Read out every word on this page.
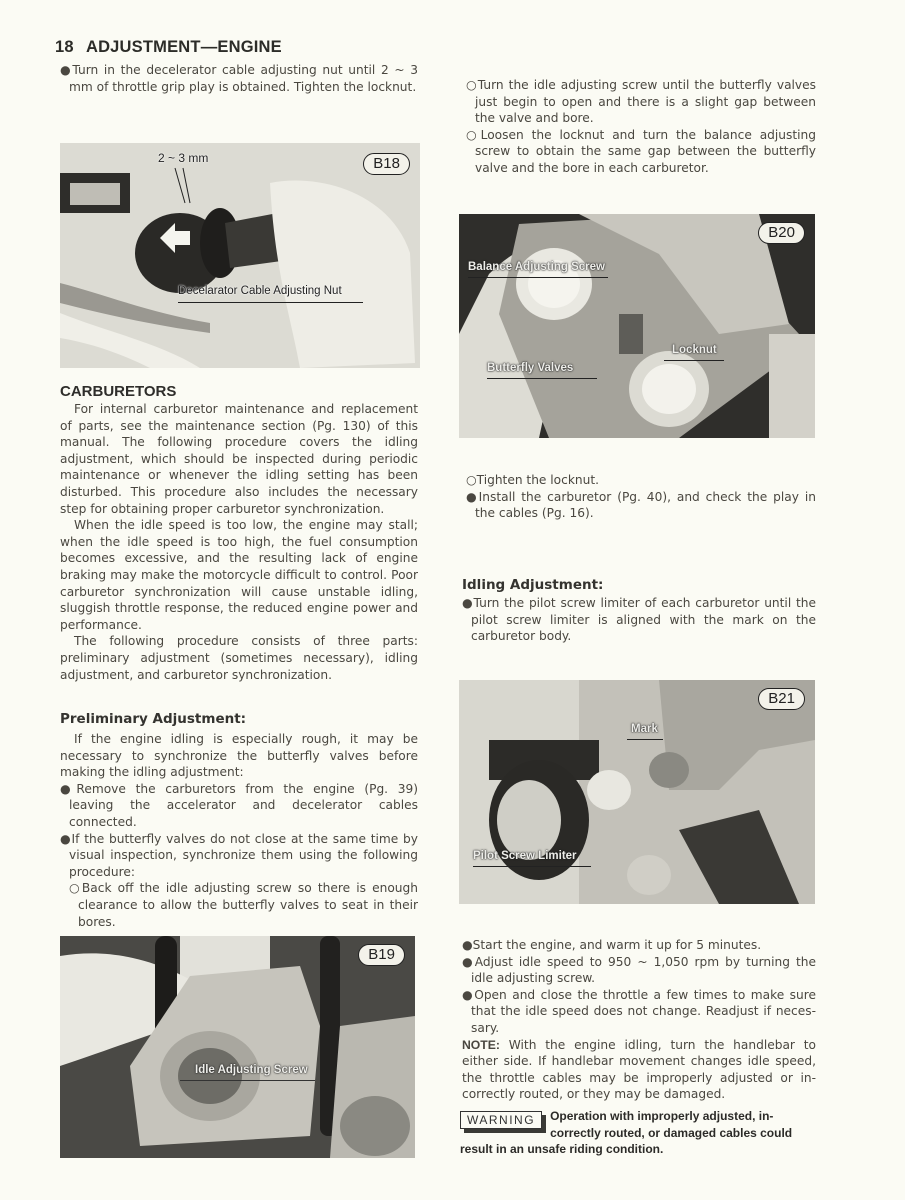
18 ADJUSTMENT—ENGINE

●Turn in the decelerator cable adjusting nut until 2 ~ 3 mm of throttle grip play is obtained. Tighten the locknut.

2 ~ 3 mm	B18
Decelarator Cable Adjusting Nut
CARBURETORS

For internal carburetor maintenance and replacement of parts, see the maintenance section (Pg. 130) of this manual. The following procedure covers the idling adjustment, which should be inspected during periodic maintenance or whenever the idling setting has been disturbed. This procedure also includes the necessary step for obtaining proper carburetor synchronization.

When the idle speed is too low, the engine may stall; when the idle speed is too high, the fuel consumption becomes excessive, and the resulting lack of engine braking may make the motorcycle difficult to control. Poor carburetor synchronization will cause unstable idling, sluggish throttle response, the reduced engine power and performance.

The following procedure consists of three parts: preliminary adjustment (sometimes necessary), idling adjustment, and carburetor synchronization.

Preliminary Adjustment:

If the engine idling is especially rough, it may be necessary to synchronize the butterfly valves before making the idling adjustment:

●Remove the carburetors from the engine (Pg. 39) leaving the accelerator and decelerator cables connected.

●If the butterfly valves do not close at the same time by visual inspection, synchronize them using the following procedure:

○Back off the idle adjusting screw so there is enough clearance to allow the butterfly valves to seat in their bores.

B19
Idle Adjusting Screw

○Turn the idle adjusting screw until the butterfly valves just begin to open and there is a slight gap between the valve and bore.

○Loosen the locknut and turn the balance adjusting screw to obtain the same gap between the butterfly valve and the bore in each carburetor.

B20
Balance Adjusting Screw
Locknut
Butterfly Valves

○Tighten the locknut.

●Install the carburetor (Pg. 40), and check the play in the cables (Pg. 16).

Idling Adjustment:

●Turn the pilot screw limiter of each carburetor until the pilot screw limiter is aligned with the mark on the carburetor body.

B21
Mark
Pilot Screw Limiter

●Start the engine, and warm it up for 5 minutes.

●Adjust idle speed to 950 ~ 1,050 rpm by turning the idle adjusting screw.

●Open and close the throttle a few times to make sure that the idle speed does not change. Readjust if neces- sary.

NOTE: With the engine idling, turn the handlebar to either side. If handlebar movement changes idle speed, the throttle cables may be improperly adjusted or in- correctly routed, or they may be damaged.

WARNING	Operation with improperly adjusted, in- correctly routed, or damaged cables could result in an unsafe riding condition.
